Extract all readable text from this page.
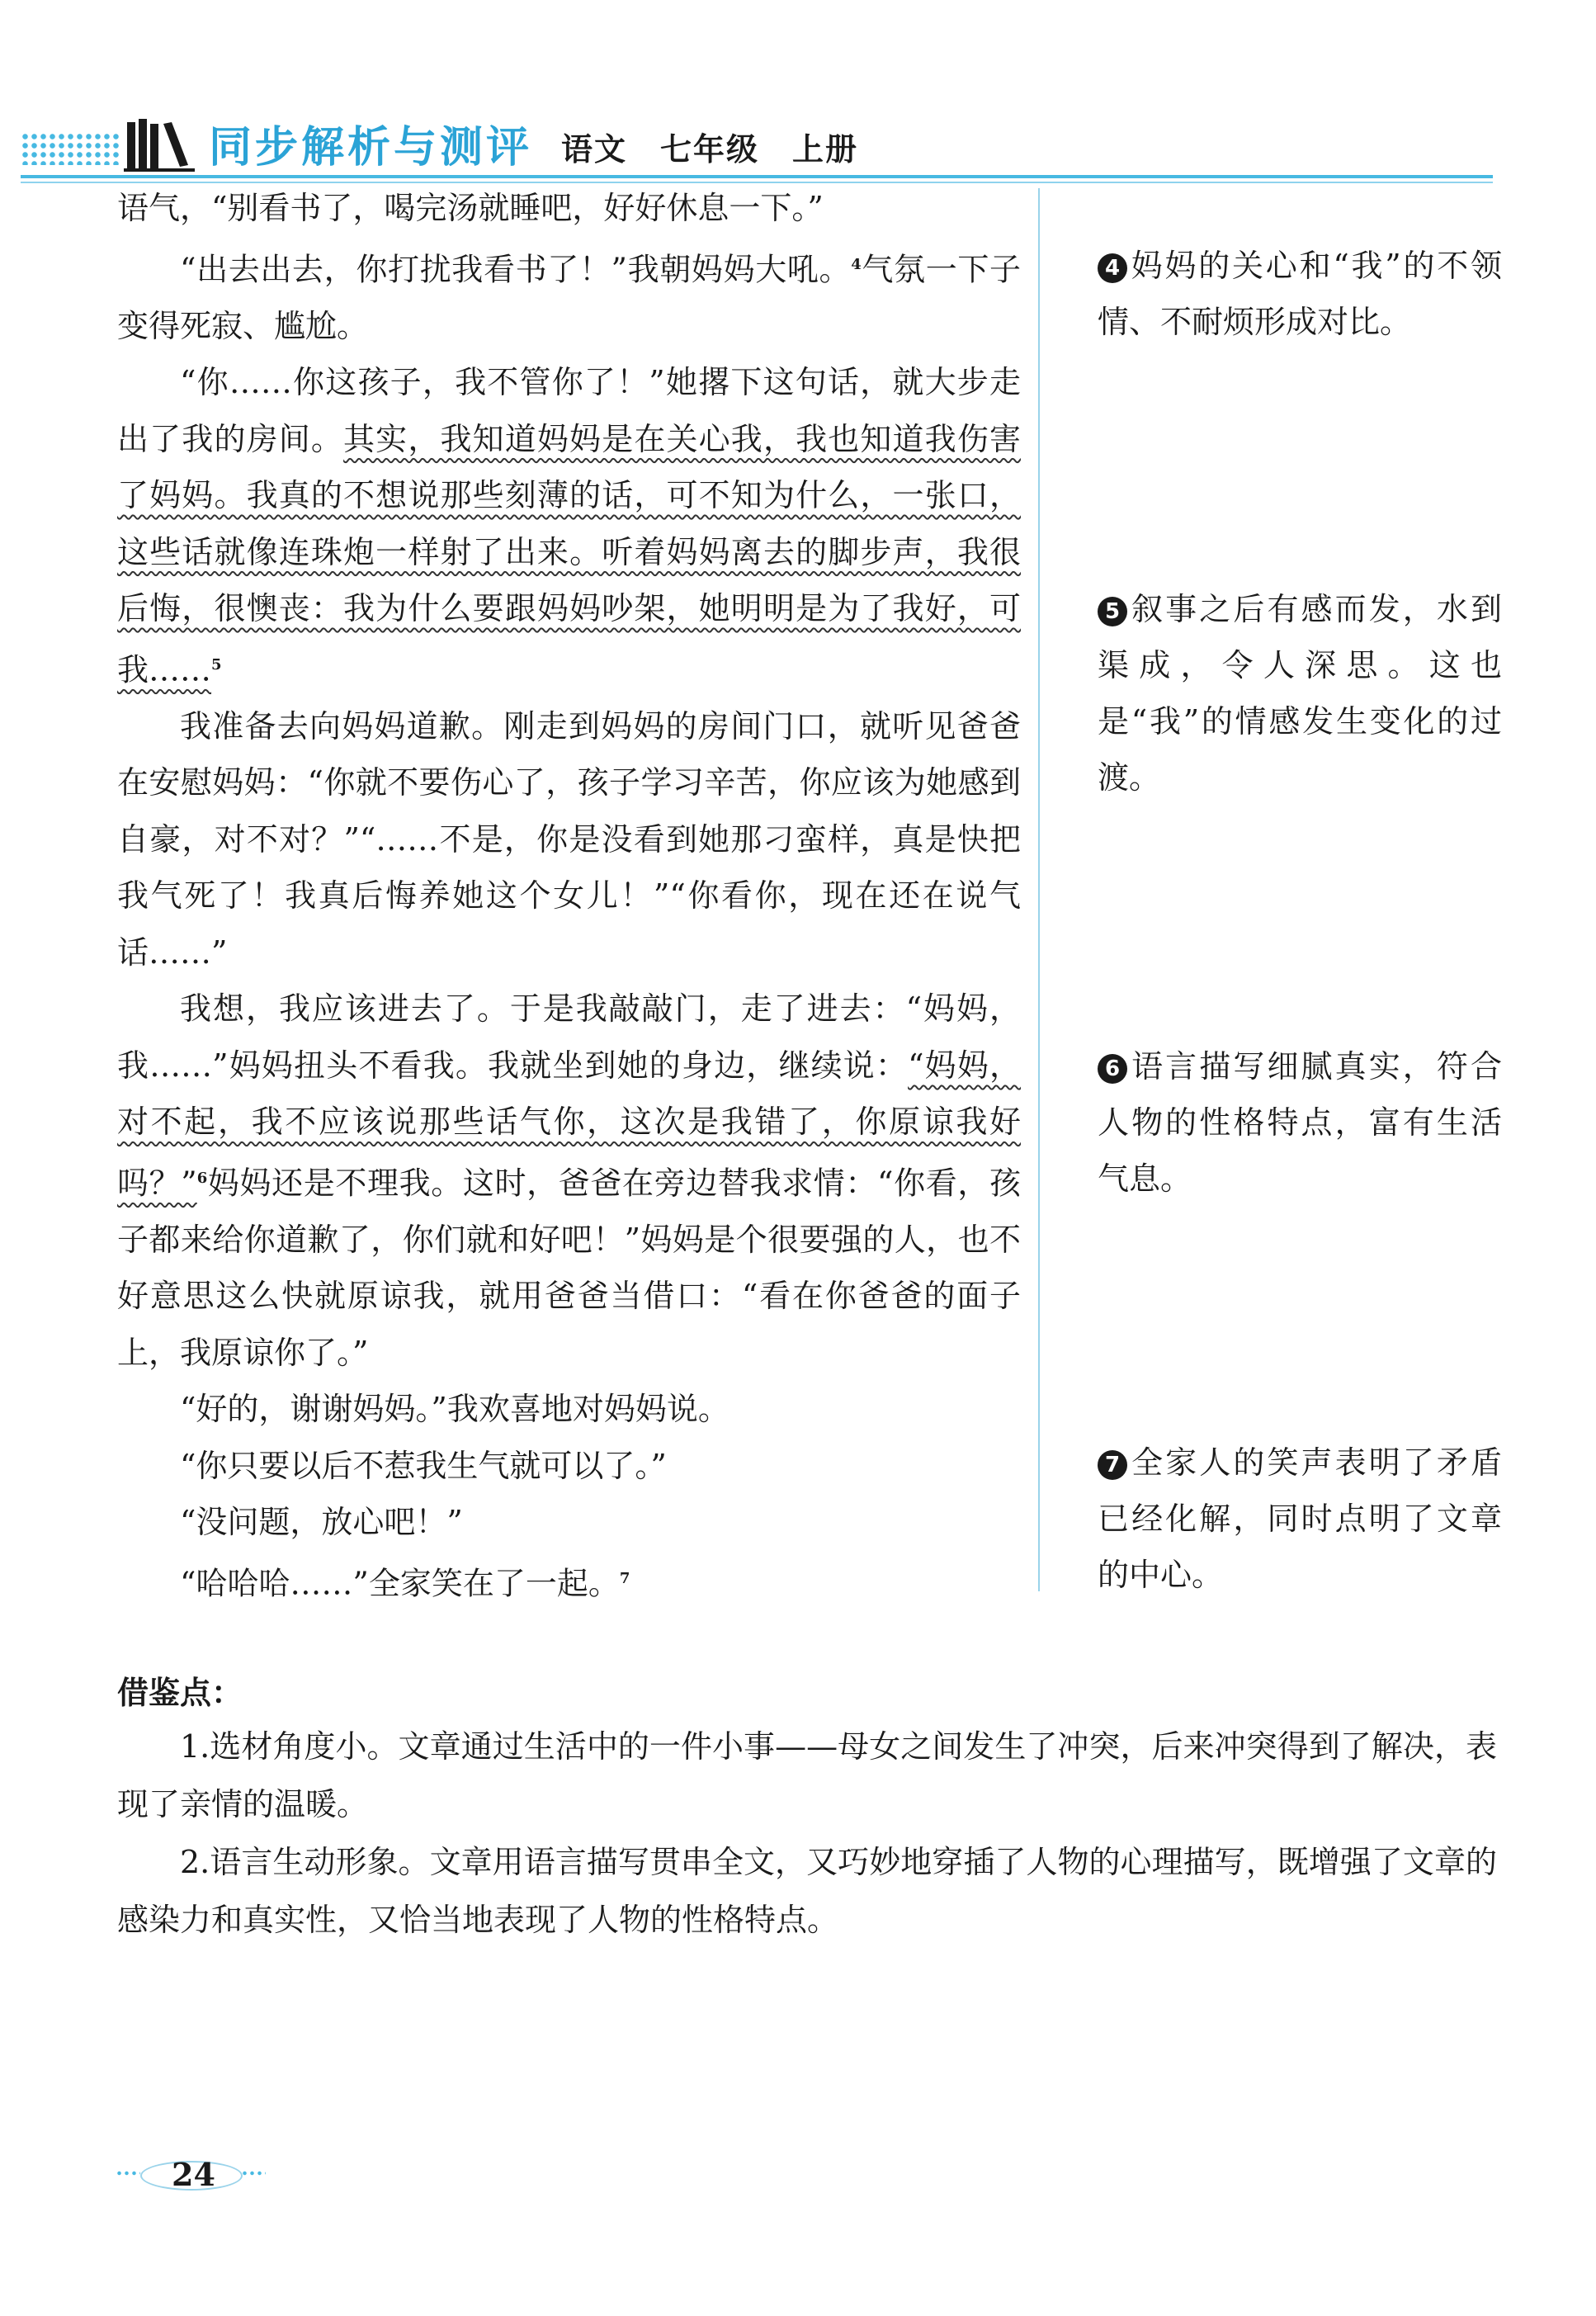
同步解析与测评 语文　七年级　上册

语气，“别看书了，喝完汤就睡吧，好好休息一下。”

“出去出去，你打扰我看书了！”我朝妈妈大吼。$^4$气氛一下子变得死寂、尴尬。

“你……你这孩子，我不管你了！”她撂下这句话，就大步走出了我的房间。其实，我知道妈妈是在关心我，我也知道我伤害了妈妈。我真的不想说那些刻薄的话，可不知为什么，一张口，这些话就像连珠炮一样射了出来。听着妈妈离去的脚步声，我很后悔，很懊丧：我为什么要跟妈妈吵架，她明明是为了我好，可我……$^5$

我准备去向妈妈道歉。刚走到妈妈的房间门口，就听见爸爸在安慰妈妈：“你就不要伤心了，孩子学习辛苦，你应该为她感到自豪，对不对？”“……不是，你是没看到她那刁蛮样，真是快把我气死了！我真后悔养她这个女儿！”“你看你，现在还在说气话……”

我想，我应该进去了。于是我敲敲门，走了进去：“妈妈，我……”妈妈扭头不看我。我就坐到她的身边，继续说：“妈妈，对不起，我不应该说那些话气你，这次是我错了，你原谅我好吗？”$^6$妈妈还是不理我。这时，爸爸在旁边替我求情：“你看，孩子都来给你道歉了，你们就和好吧！”妈妈是个很要强的人，也不好意思这么快就原谅我，就用爸爸当借口：“看在你爸爸的面子上，我原谅你了。”

“好的，谢谢妈妈。”我欢喜地对妈妈说。

“你只要以后不惹我生气就可以了。”

“没问题，放心吧！”

“哈哈哈……”全家笑在了一起。$^7$

4 妈妈的关心和“我”的不领情、不耐烦形成对比。

5 叙事之后有感而发，水到渠成，令人深思。这也是“我”的情感发生变化的过渡。

6 语言描写细腻真实，符合人物的性格特点，富有生活气息。

7 全家人的笑声表明了矛盾已经化解，同时点明了文章的中心。

借鉴点：

1.选材角度小。文章通过生活中的一件小事——母女之间发生了冲突，后来冲突得到了解决，表现了亲情的温暖。

2.语言生动形象。文章用语言描写贯串全文，又巧妙地穿插了人物的心理描写，既增强了文章的感染力和真实性，又恰当地表现了人物的性格特点。

24
